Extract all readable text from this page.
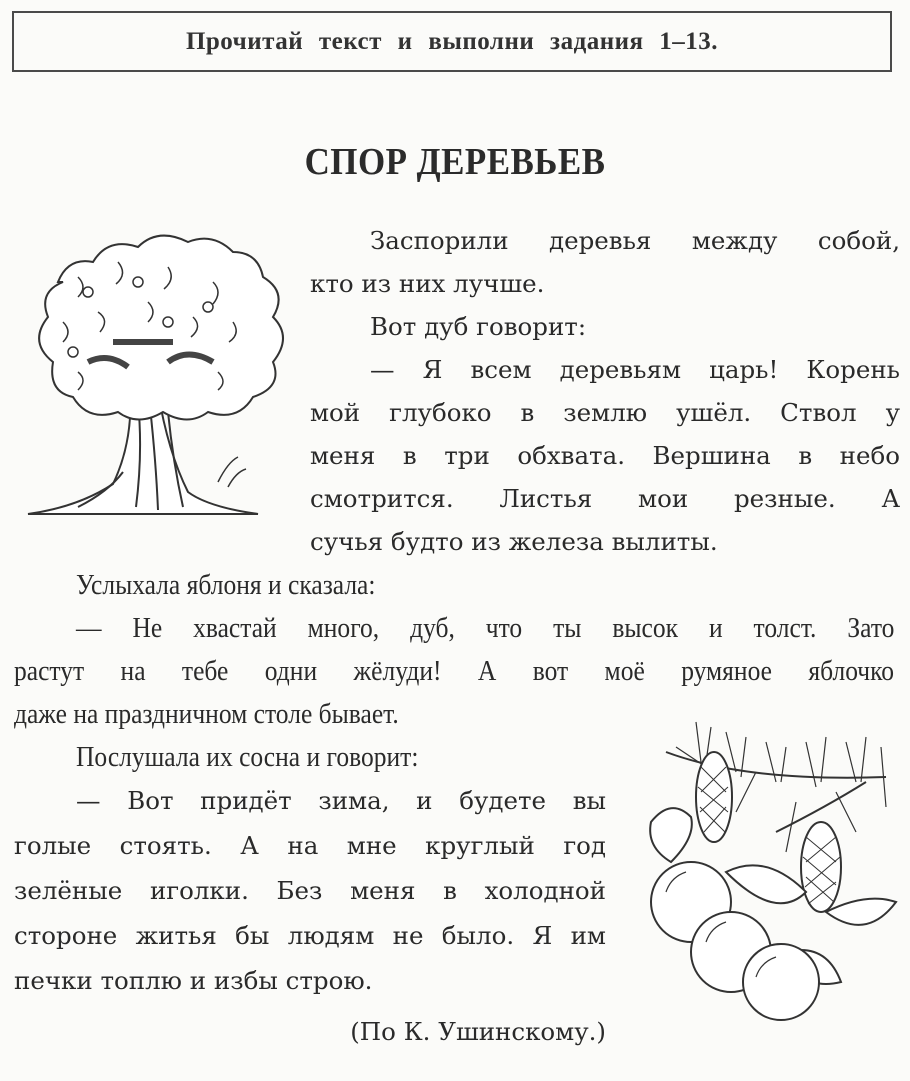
Прочитай текст и выполни задания 1–13.
СПОР ДЕРЕВЬЕВ
Заспорили деревья между собой,
кто из них лучше.
Вот дуб говорит:
— Я всем деревьям царь! Корень
мой глубоко в землю ушёл. Ствол у
меня в три обхвата. Вершина в небо
смотрится. Листья мои резные. А
сучья будто из железа вылиты.
Услыхала яблоня и сказала:
— Не хвастай много, дуб, что ты высок и толст. Зато
растут на тебе одни жёлуди! А вот моё румяное яблочко
даже на праздничном столе бывает.
Послушала их сосна и говорит:
— Вот придёт зима, и будете вы
голые стоять. А на мне круглый год
зелёные иголки. Без меня в холодной
стороне житья бы людям не было. Я им
печки топлю и избы строю.
(По К. Ушинскому.)
